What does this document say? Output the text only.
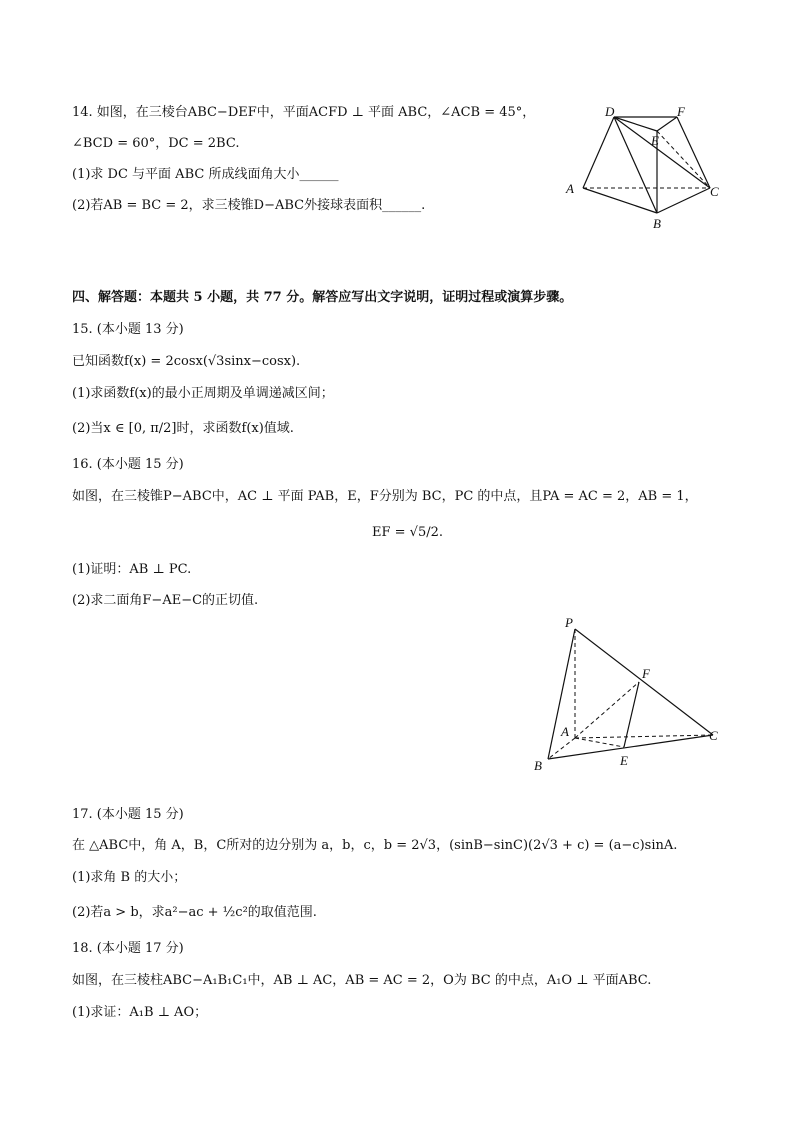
14. 如图，在三棱台ABC−DEF中，平面ACFD ⊥ 平面 ABC，∠ACB = 45°，
∠BCD = 60°，DC = 2BC.
(1)求 DC 与平面 ABC 所成线面角大小______
(2)若AB = BC = 2，求三棱锥D−ABC外接球表面积______.
D	F
E
A	C
B
四、解答题：本题共 5 小题，共 77 分。解答应写出文字说明，证明过程或演算步骤。
15. (本小题 13 分)
已知函数f(x) = 2cosx(√3sinx−cosx).
(1)求函数f(x)的最小正周期及单调递减区间；
(2)当x ∈ [0, π/2]时，求函数f(x)值域.
16. (本小题 15 分)
如图，在三棱锥P−ABC中，AC ⊥ 平面 PAB，E，F分别为 BC，PC 的中点，且PA = AC = 2，AB = 1，
EF = √5/2.
(1)证明：AB ⊥ PC.
(2)求二面角F−AE−C的正切值.
P
F
A	C
B	E
17. (本小题 15 分)
在 △ABC中，角 A，B，C所对的边分别为 a，b，c，b = 2√3，(sinB−sinC)(2√3 + c) = (a−c)sinA.
(1)求角 B 的大小；
(2)若a > b，求a²−ac + ½c²的取值范围.
18. (本小题 17 分)
如图，在三棱柱ABC−A₁B₁C₁中，AB ⊥ AC，AB = AC = 2，O为 BC 的中点，A₁O ⊥ 平面ABC.
(1)求证：A₁B ⊥ AO；
